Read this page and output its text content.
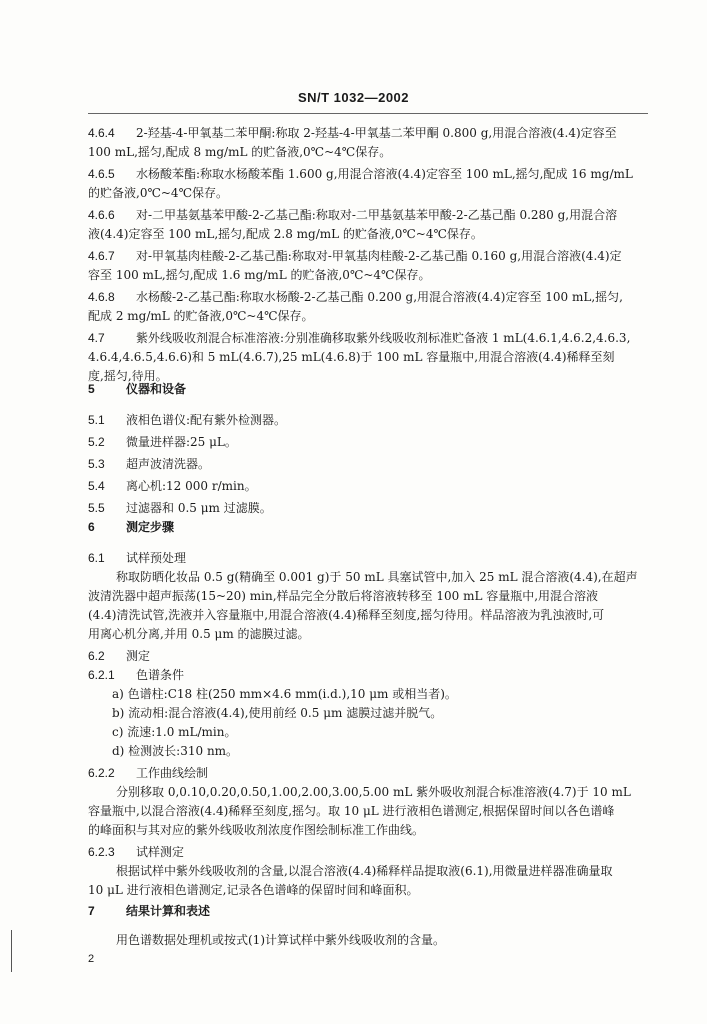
SN/T 1032—2002
4.6.4 2-羟基-4-甲氧基二苯甲酮:称取 2-羟基-4-甲氧基二苯甲酮 0.800 g,用混合溶液(4.4)定容至
100 mL,摇匀,配成 8 mg/mL 的贮备液,0℃~4℃保存。
4.6.5 水杨酸苯酯:称取水杨酸苯酯 1.600 g,用混合溶液(4.4)定容至 100 mL,摇匀,配成 16 mg/mL
的贮备液,0℃~4℃保存。
4.6.6 对-二甲基氨基苯甲酸-2-乙基己酯:称取对-二甲基氨基苯甲酸-2-乙基己酯 0.280 g,用混合溶
液(4.4)定容至 100 mL,摇匀,配成 2.8 mg/mL 的贮备液,0℃~4℃保存。
4.6.7 对-甲氧基肉桂酸-2-乙基己酯:称取对-甲氧基肉桂酸-2-乙基己酯 0.160 g,用混合溶液(4.4)定
容至 100 mL,摇匀,配成 1.6 mg/mL 的贮备液,0℃~4℃保存。
4.6.8 水杨酸-2-乙基己酯:称取水杨酸-2-乙基己酯 0.200 g,用混合溶液(4.4)定容至 100 mL,摇匀,
配成 2 mg/mL 的贮备液,0℃~4℃保存。
4.7	紫外线吸收剂混合标准溶液:分别准确移取紫外线吸收剂标准贮备液 1 mL(4.6.1,4.6.2,4.6.3,
4.6.4,4.6.5,4.6.6)和 5 mL(4.6.7),25 mL(4.6.8)于 100 mL 容量瓶中,用混合溶液(4.4)稀释至刻
度,摇匀,待用。
5	仪器和设备
5.1 液相色谱仪:配有紫外检测器。
5.2 微量进样器:25 μL。
5.3 超声波清洗器。
5.4 离心机:12 000 r/min。
5.5 过滤器和 0.5 μm 过滤膜。
6	测定步骤
6.1 试样预处理
称取防晒化妆品 0.5 g(精确至 0.001 g)于 50 mL 具塞试管中,加入 25 mL 混合溶液(4.4),在超声
波清洗器中超声振荡(15~20) min,样品完全分散后将溶液转移至 100 mL 容量瓶中,用混合溶液
(4.4)清洗试管,洗液并入容量瓶中,用混合溶液(4.4)稀释至刻度,摇匀待用。样品溶液为乳浊液时,可
用离心机分离,并用 0.5 μm 的滤膜过滤。
6.2 测定
6.2.1 色谱条件
a) 色谱柱:C18 柱(250 mm×4.6 mm(i.d.),10 μm 或相当者)。
b) 流动相:混合溶液(4.4),使用前经 0.5 μm 滤膜过滤并脱气。
c) 流速:1.0 mL/min。
d) 检测波长:310 nm。
6.2.2 工作曲线绘制
分别移取 0,0.10,0.20,0.50,1.00,2.00,3.00,5.00 mL 紫外吸收剂混合标准溶液(4.7)于 10 mL
容量瓶中,以混合溶液(4.4)稀释至刻度,摇匀。取 10 μL 进行液相色谱测定,根据保留时间以各色谱峰
的峰面积与其对应的紫外线吸收剂浓度作图绘制标准工作曲线。
6.2.3 试样测定
根据试样中紫外线吸收剂的含量,以混合溶液(4.4)稀释样品提取液(6.1),用微量进样器准确量取
10 μL 进行液相色谱测定,记录各色谱峰的保留时间和峰面积。
7	结果计算和表述
用色谱数据处理机或按式(1)计算试样中紫外线吸收剂的含量。
2
